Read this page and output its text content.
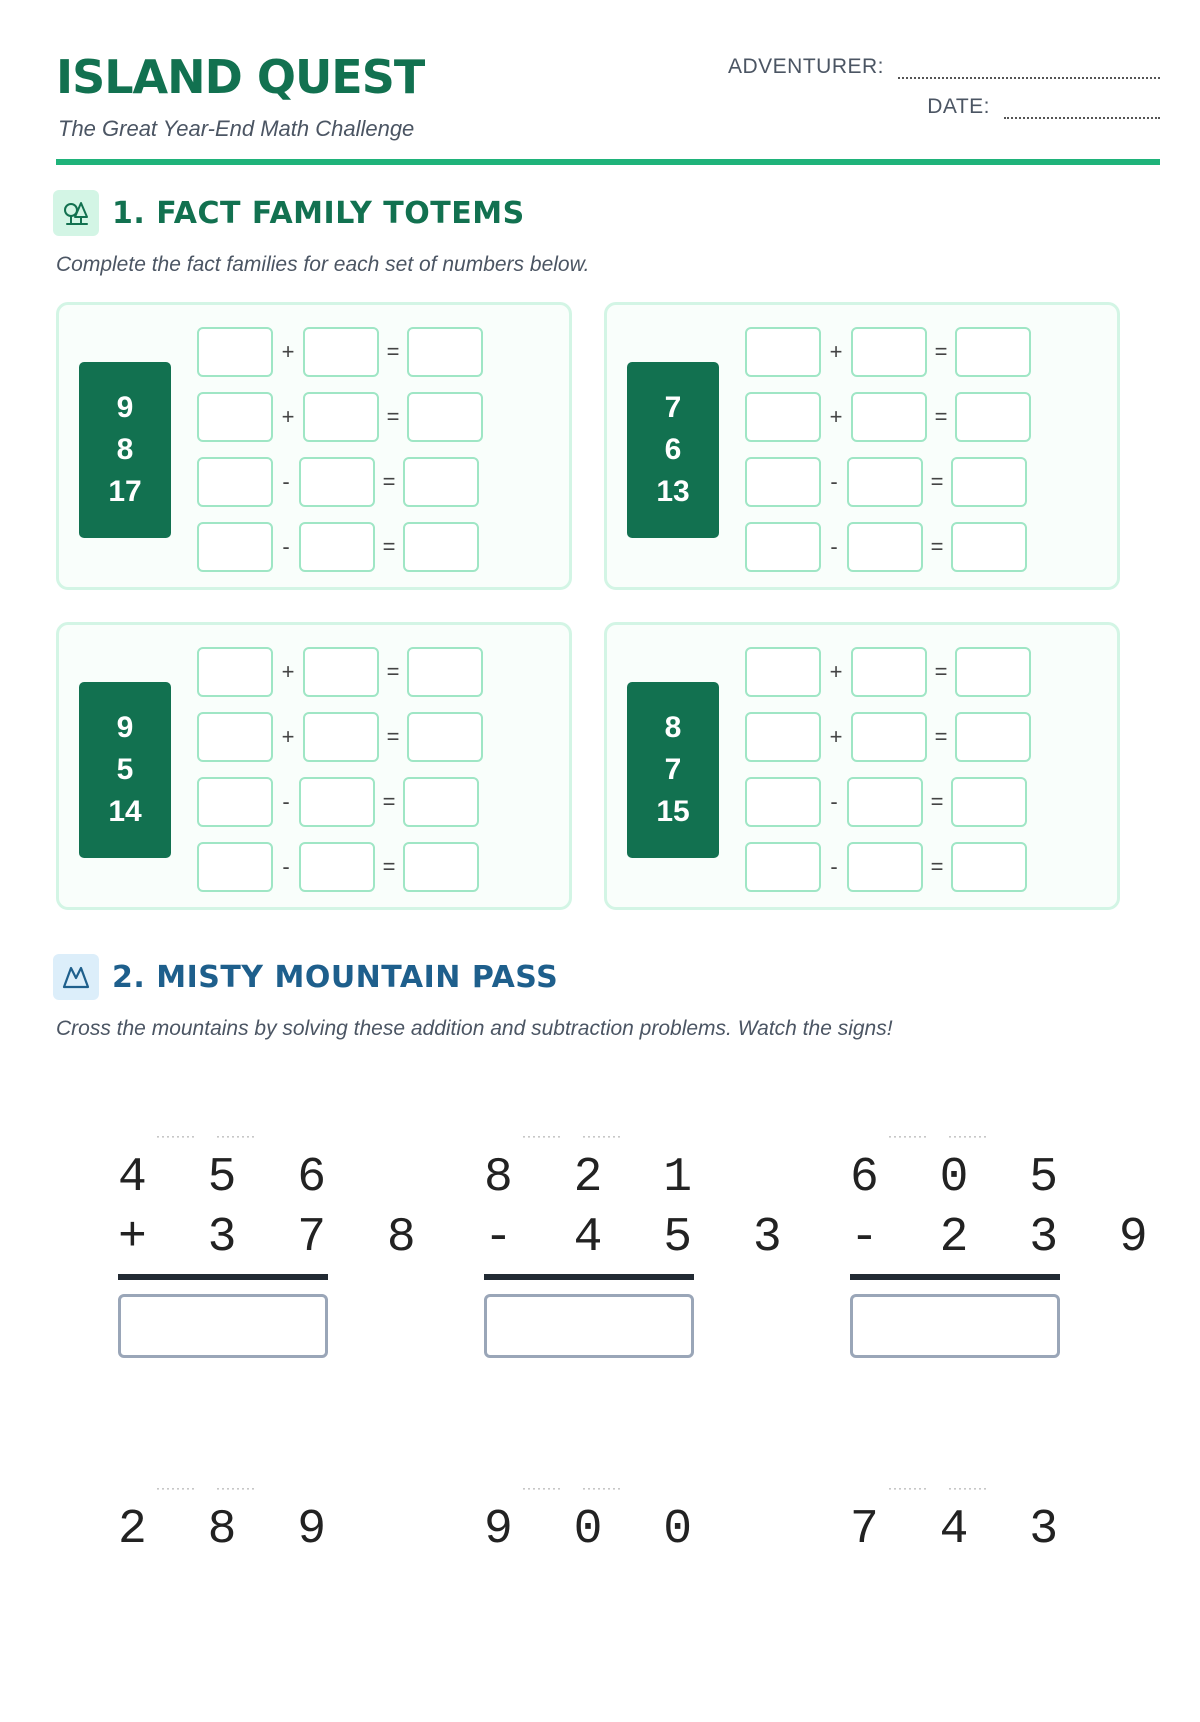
ISLAND QUEST
The Great Year-End Math Challenge
ADVENTURER:
DATE:
1. FACT FAMILY TOTEMS
Complete the fact families for each set of numbers below.
9
8
17
+	=
+	=
-	=
-	=
7
6
13
+	=
+	=
-	=
-	=
9
5
14
+	=
+	=
-	=
-	=
8
7
15
+	=
+	=
-	=
-	=
2. MISTY MOUNTAIN PASS
Cross the mountains by solving these addition and subtraction problems. Watch the signs!
········ ········
4 5 6
+ 3 7 8
········ ········
8 2 1
- 4 5 3
········ ········
6 0 5
- 2 3 9
········ ········
2 8 9
········ ········
9 0 0
········ ········
7 4 3
